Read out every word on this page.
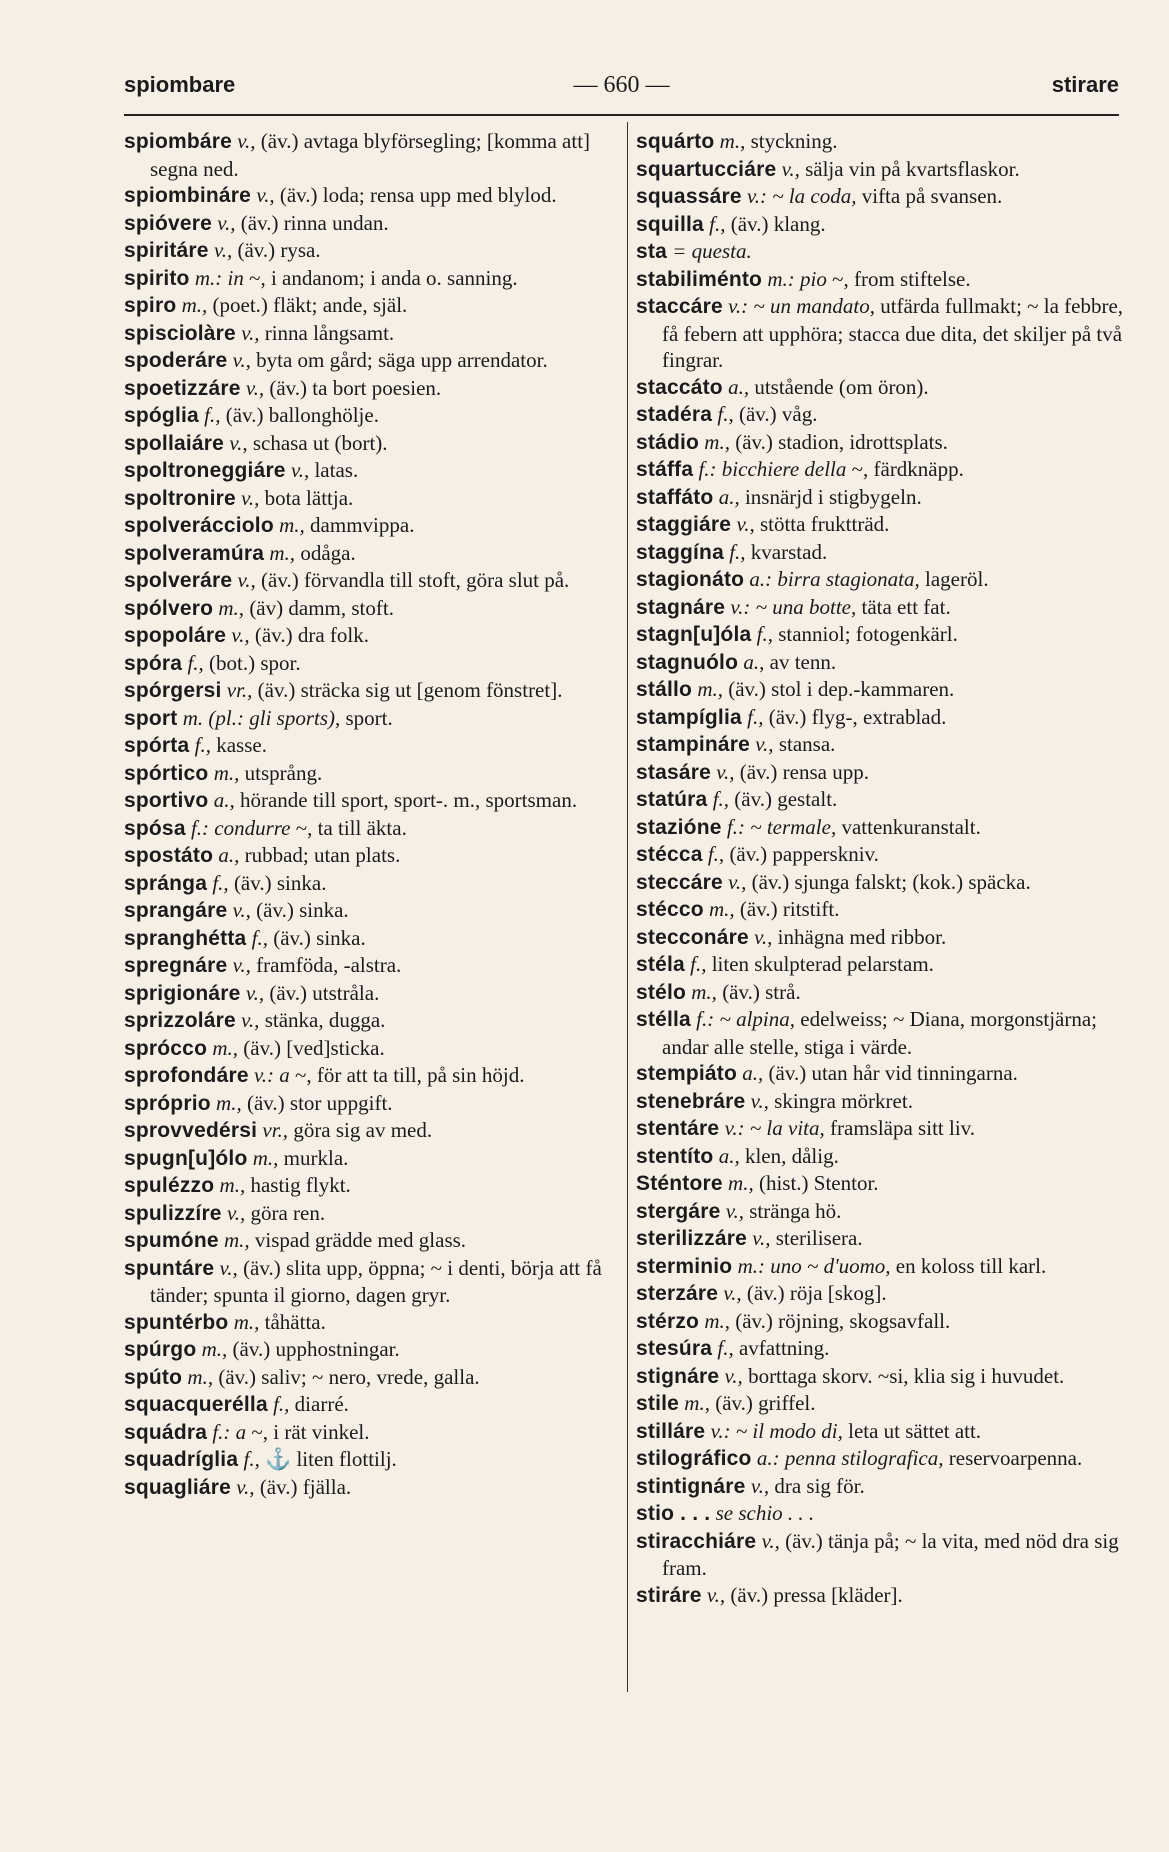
spiombare	— 660 —	stirare

spiombáre v., (äv.) avtaga blyförsegling; [komma att] segna ned.

spiombináre v., (äv.) loda; rensa upp med blylod.

spióvere v., (äv.) rinna undan.

spiritáre v., (äv.) rysa.

spirito m.: in ~, i andanom; i anda o. sanning.

spiro m., (poet.) fläkt; ande, själ.

spisciolàre v., rinna långsamt.

spoderáre v., byta om gård; säga upp arrendator.

spoetizzáre v., (äv.) ta bort poesien.

spóglia f., (äv.) ballonghölje.

spollaiáre v., schasa ut (bort).

spoltroneggiáre v., latas.

spoltronire v., bota lättja.

spolverácciolo m., dammvippa.

spolveramúra m., odåga.

spolveráre v., (äv.) förvandla till stoft, göra slut på.

spólvero m., (äv) damm, stoft.

spopoláre v., (äv.) dra folk.

spóra f., (bot.) spor.

spórgersi vr., (äv.) sträcka sig ut [genom fönstret].

sport m. (pl.: gli sports), sport.

spórta f., kasse.

spórtico m., utsprång.

sportivo a., hörande till sport, sport-. m., sportsman.

spósa f.: condurre ~, ta till äkta.

spostáto a., rubbad; utan plats.

spránga f., (äv.) sinka.

sprangáre v., (äv.) sinka.

spranghétta f., (äv.) sinka.

spregnáre v., framföda, -alstra.

sprigionáre v., (äv.) utstråla.

sprizzoláre v., stänka, dugga.

sprócco m., (äv.) [ved]sticka.

sprofondáre v.: a ~, för att ta till, på sin höjd.

spróprio m., (äv.) stor uppgift.

sprovvedérsi vr., göra sig av med.

spugn[u]ólo m., murkla.

spulézzo m., hastig flykt.

spulizzíre v., göra ren.

spumóne m., vispad grädde med glass.

spuntáre v., (äv.) slita upp, öppna; ~ i denti, börja att få tänder; spunta il giorno, dagen gryr.

spuntérbo m., tåhätta.

spúrgo m., (äv.) upphostningar.

spúto m., (äv.) saliv; ~ nero, vrede, galla.

squacquerélla f., diarré.

squádra f.: a ~, i rät vinkel.

squadríglia f., ⚓ liten flottilj.

squagliáre v., (äv.) fjälla.

squárto m., styckning.

squartucciáre v., sälja vin på kvartsflaskor.

squassáre v.: ~ la coda, vifta på svansen.

squilla f., (äv.) klang.

sta = questa.

stabiliménto m.: pio ~, from stiftelse.

staccáre v.: ~ un mandato, utfärda fullmakt; ~ la febbre, få febern att upphöra; stacca due dita, det skiljer på två fingrar.

staccáto a., utstående (om öron).

stadéra f., (äv.) våg.

stádio m., (äv.) stadion, idrottsplats.

stáffa f.: bicchiere della ~, färdknäpp.

staffáto a., insnärjd i stigbygeln.

staggiáre v., stötta fruktträd.

staggína f., kvarstad.

stagionáto a.: birra stagionata, lageröl.

stagnáre v.: ~ una botte, täta ett fat.

stagn[u]óla f., stanniol; fotogenkärl.

stagnuólo a., av tenn.

stállo m., (äv.) stol i dep.-kammaren.

stampíglia f., (äv.) flyg-, extrablad.

stampináre v., stansa.

stasáre v., (äv.) rensa upp.

statúra f., (äv.) gestalt.

stazióne f.: ~ termale, vattenkuranstalt.

stécca f., (äv.) papperskniv.

steccáre v., (äv.) sjunga falskt; (kok.) späcka.

stécco m., (äv.) ritstift.

stecconáre v., inhägna med ribbor.

stéla f., liten skulpterad pelarstam.

stélo m., (äv.) strå.

stélla f.: ~ alpina, edelweiss; ~ Diana, morgonstjärna; andar alle stelle, stiga i värde.

stempiáto a., (äv.) utan hår vid tinningarna.

stenebráre v., skingra mörkret.

stentáre v.: ~ la vita, framsläpa sitt liv.

stentíto a., klen, dålig.

Sténtore m., (hist.) Stentor.

stergáre v., stränga hö.

sterilizzáre v., sterilisera.

sterminio m.: uno ~ d'uomo, en koloss till karl.

sterzáre v., (äv.) röja [skog].

stérzo m., (äv.) röjning, skogsavfall.

stesúra f., avfattning.

stignáre v., borttaga skorv. ~si, klia sig i huvudet.

stile m., (äv.) griffel.

stilláre v.: ~ il modo di, leta ut sättet att.

stilográfico a.: penna stilografica, reservoarpenna.

stintignáre v., dra sig för.

stio . . . se schio . . .

stiracchiáre v., (äv.) tänja på; ~ la vita, med nöd dra sig fram.

stiráre v., (äv.) pressa [kläder].
